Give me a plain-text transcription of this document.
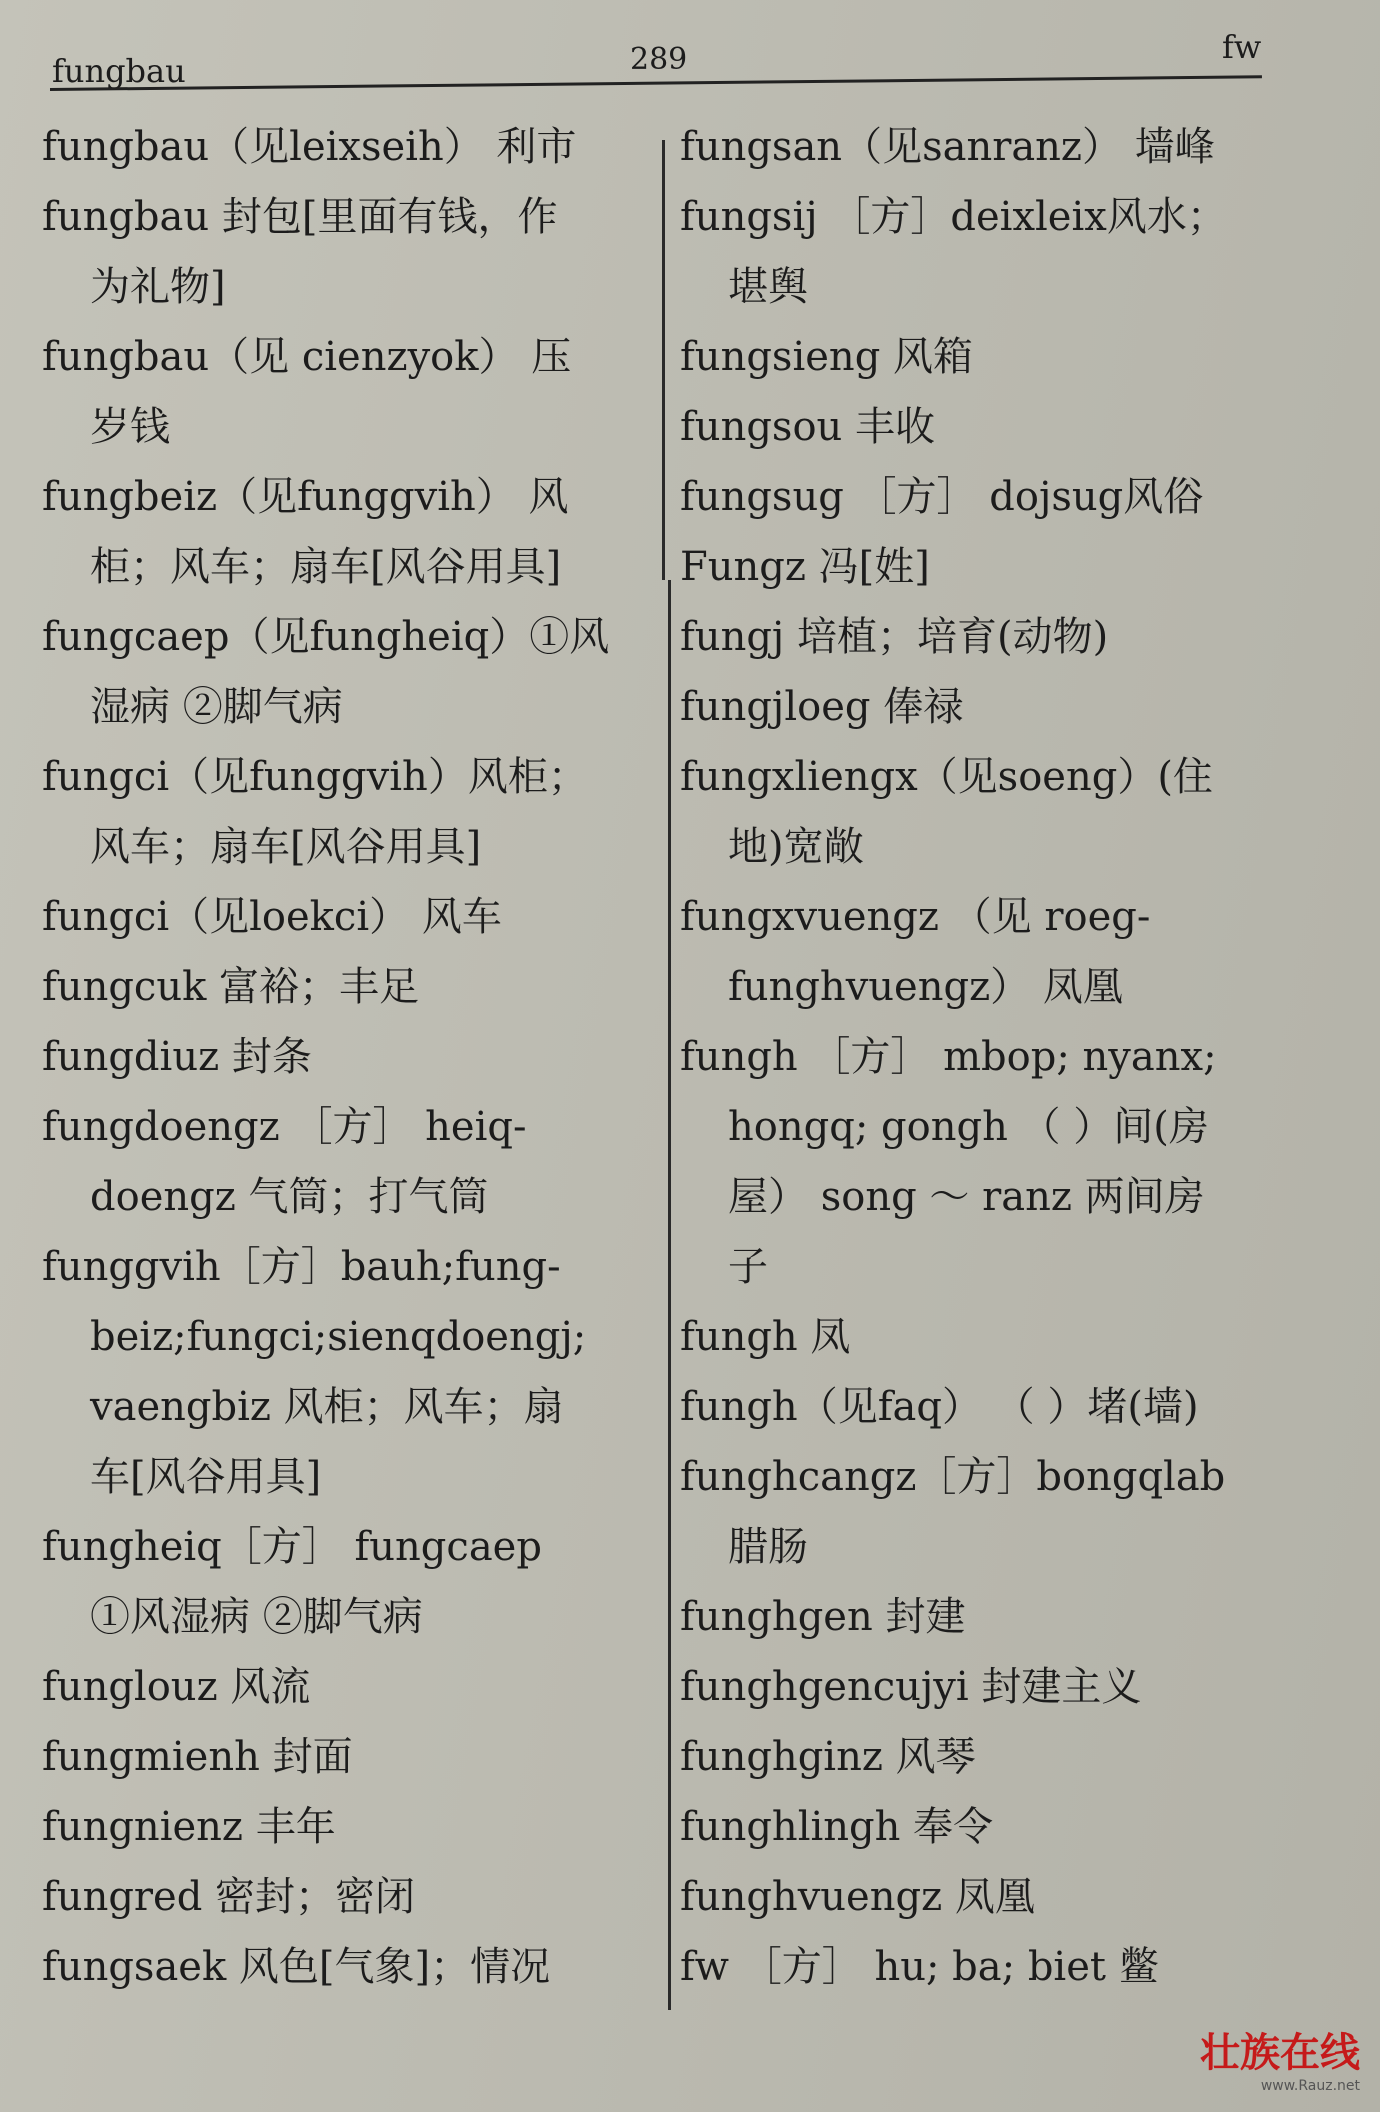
fungbau	289	fw
fungbau（见leixseih） 利市
fungbau 封包[里面有钱，作
为礼物]
fungbau（见 cienzyok） 压
岁钱
fungbeiz（见funggvih） 风
柜；风车；扇车[风谷用具]
fungcaep（见fungheiq）①风
湿病 ②脚气病
fungci（见funggvih）风柜；
风车；扇车[风谷用具]
fungci（见loekci） 风车
fungcuk 富裕；丰足
fungdiuz 封条
fungdoengz ［方］ heiq-
doengz 气筒；打气筒
funggvih［方］bauh;fung-
beiz;fungci;sienqdoengj;
vaengbiz 风柜；风车；扇
车[风谷用具]
fungheiq［方］ fungcaep
①风湿病 ②脚气病
funglouz 风流
fungmienh 封面
fungnienz 丰年
fungred 密封；密闭
fungsaek 风色[气象]；情况
fungsan（见sanranz） 墙峰
fungsij ［方］deixleix风水；
堪舆
fungsieng 风箱
fungsou 丰收
fungsug ［方］ dojsug风俗
Fungz 冯[姓]
fungj 培植；培育(动物)
fungjloeg 俸禄
fungxliengx（见soeng）(住
地)宽敞
fungxvuengz （见 roeg-
funghvuengz） 凤凰
fungh ［方］ mbop; nyanx;
hongq; gongh （ ）间(房
屋） song ～ ranz 两间房
子
fungh 凤
fungh（见faq） （ ）堵(墙)
funghcangz［方］bongqlab
腊肠
funghgen 封建
funghgencujyi 封建主义
funghginz 风琴
funghlingh 奉令
funghvuengz 凤凰
fw ［方］ hu; ba; biet 鳖
壮族在线
www.Rauz.net
